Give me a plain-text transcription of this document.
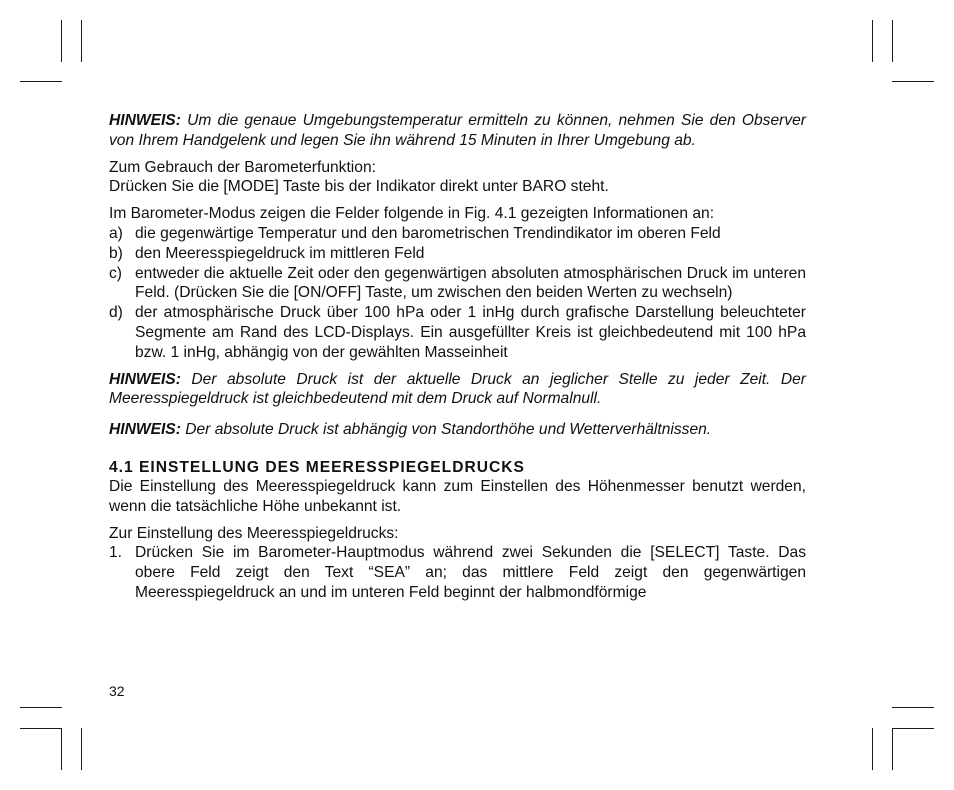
HINWEIS: Um die genaue Umgebungstemperatur ermitteln zu können, nehmen Sie den Observer von Ihrem Handgelenk und legen Sie ihn während 15 Minuten in Ihrer Umgebung ab.

Zum Gebrauch der Barometerfunktion:

Drücken Sie die [MODE] Taste bis der Indikator direkt unter BARO steht.

Im Barometer-Modus zeigen die Felder folgende in Fig. 4.1 gezeigten Informationen an:

a) die gegenwärtige Temperatur und den barometrischen Trendindikator im oberen Feld
b) den Meeresspiegeldruck im mittleren Feld
c) entweder die aktuelle Zeit oder den gegenwärtigen absoluten atmosphärischen Druck im unteren Feld. (Drücken Sie die [ON/OFF] Taste, um zwischen den beiden Werten zu wechseln)
d) der atmosphärische Druck über 100 hPa oder 1 inHg durch grafische Darstellung beleuchteter Segmente am Rand des LCD-Displays. Ein ausgefüllter Kreis ist gleichbedeutend mit 100 hPa bzw. 1 inHg, abhängig von der gewählten Masseinheit

HINWEIS: Der absolute Druck ist der aktuelle Druck an jeglicher Stelle zu jeder Zeit. Der Meeresspiegeldruck ist gleichbedeutend mit dem Druck auf Normalnull.

HINWEIS: Der absolute Druck ist abhängig von Standorthöhe und Wetterverhältnissen.

4.1 EINSTELLUNG DES MEERESSPIEGELDRUCKS

Die Einstellung des Meeresspiegeldruck kann zum Einstellen des Höhenmesser benutzt werden, wenn die tatsächliche Höhe unbekannt ist.

Zur Einstellung des Meeresspiegeldrucks:

1. Drücken Sie im Barometer-Hauptmodus während zwei Sekunden die [SELECT] Taste. Das obere Feld zeigt den Text “SEA” an; das mittlere Feld zeigt den gegenwärtigen Meeresspiegeldruck an und im unteren Feld beginnt der halbmondförmige
32
